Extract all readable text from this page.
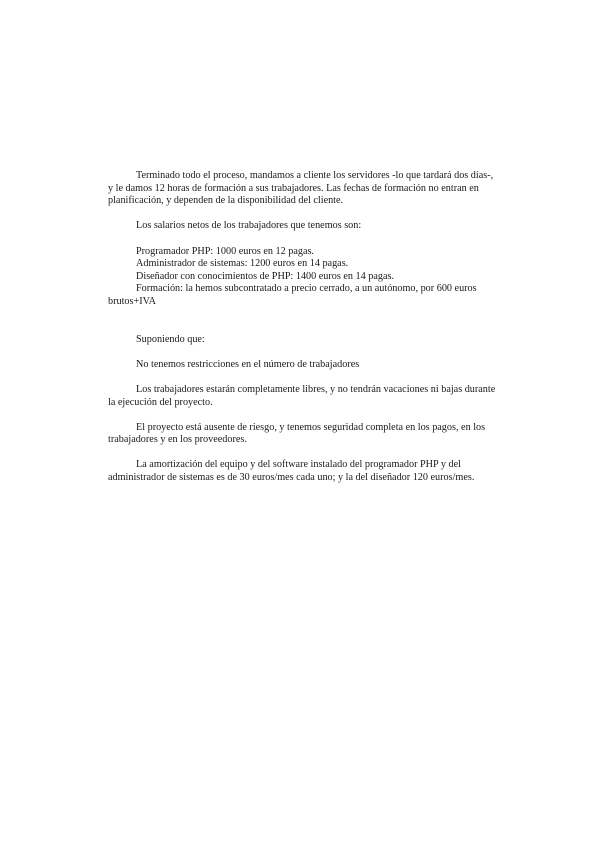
Terminado todo el proceso, mandamos a cliente los servidores -lo que tardará dos días-, y le damos 12 horas de formación a sus trabajadores. Las fechas de formación no entran en planificación, y dependen de la disponibilidad del cliente.

Los salarios netos de los trabajadores que tenemos son:

Programador PHP: 1000 euros en 12 pagas.

Administrador de sistemas: 1200 euros en 14 pagas.

Diseñador con conocimientos de PHP: 1400 euros en 14 pagas.

Formación: la hemos subcontratado a precio cerrado, a un autónomo, por 600 euros

brutos+IVA

Suponiendo que:

No tenemos restricciones en el número de trabajadores

Los trabajadores estarán completamente libres, y no tendrán vacaciones ni bajas durante la ejecución del proyecto.

El proyecto está ausente de riesgo, y tenemos seguridad completa en los pagos, en los trabajadores y en los proveedores.

La amortización del equipo y del software instalado del programador PHP y del administrador de sistemas es de 30 euros/mes cada uno; y la del diseñador 120 euros/mes.
